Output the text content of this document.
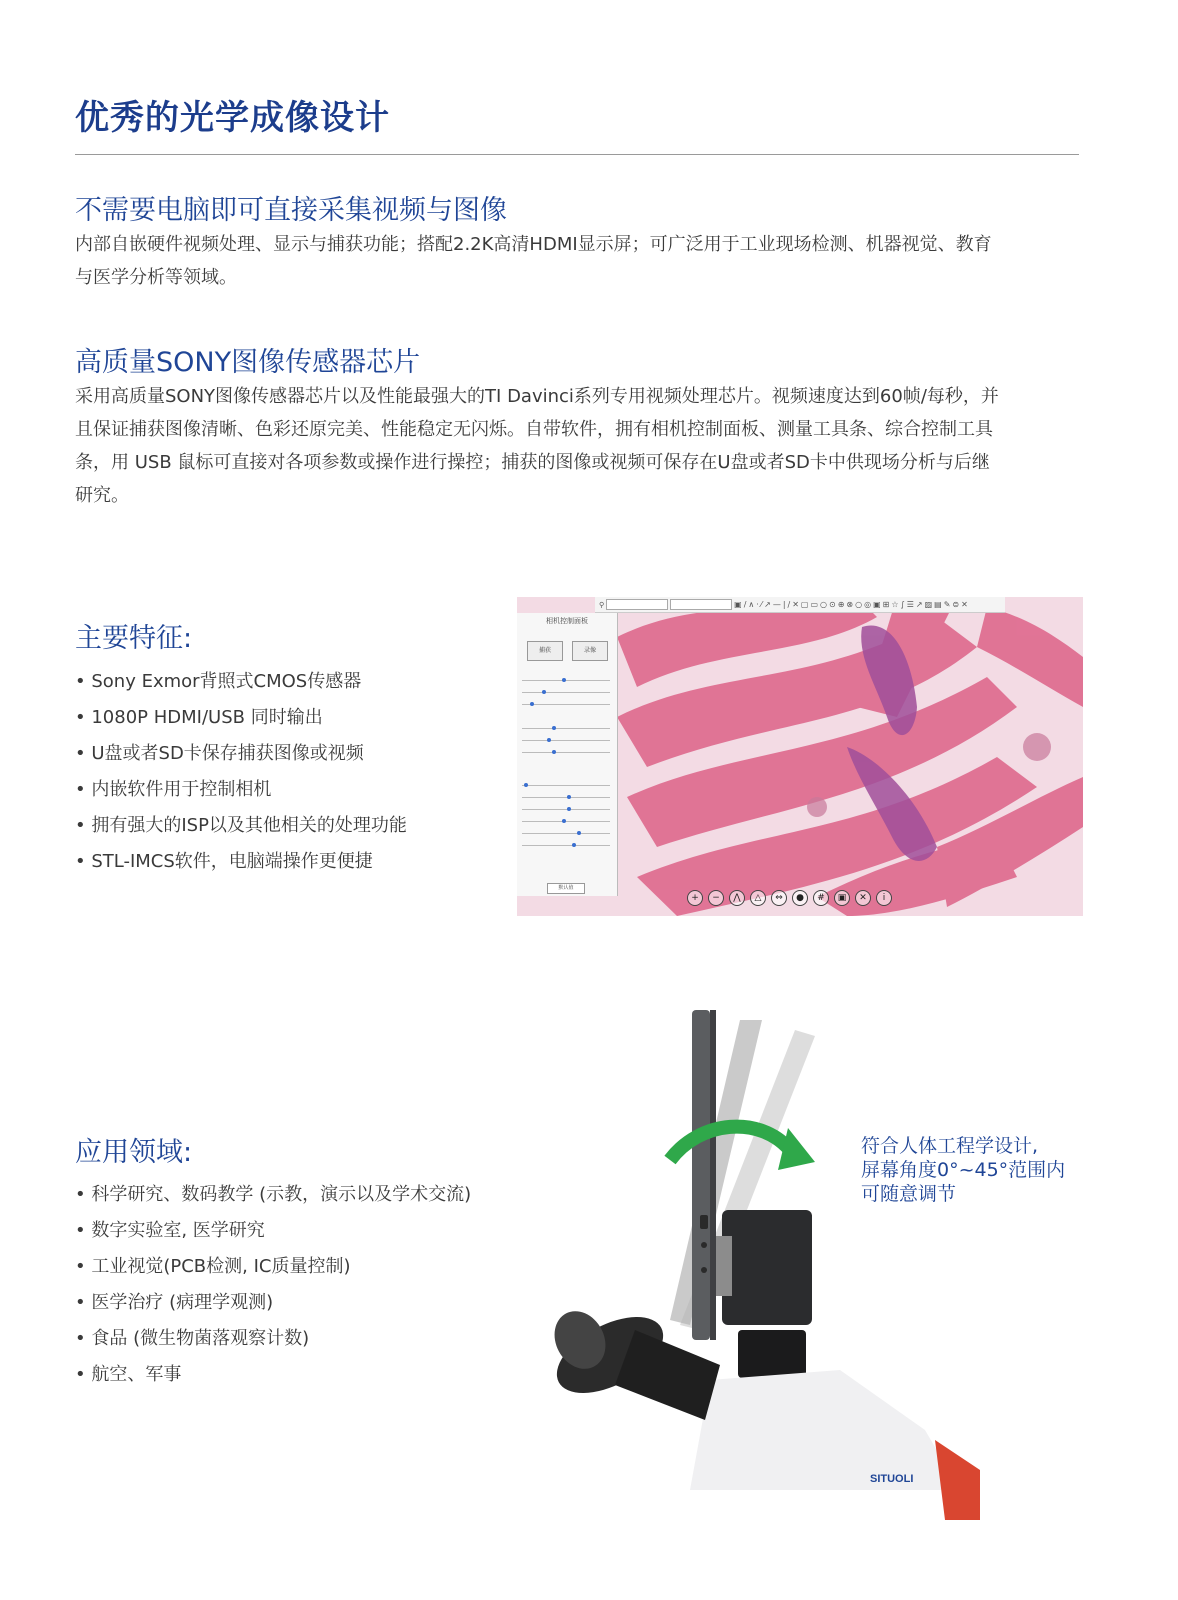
优秀的光学成像设计
不需要电脑即可直接采集视频与图像
内部自嵌硬件视频处理、显示与捕获功能；搭配2.2K高清HDMI显示屏；可广泛用于工业现场检测、机器视觉、教育
与医学分析等领域。
高质量SONY图像传感器芯片
采用高质量SONY图像传感器芯片以及性能最强大的TI Davinci系列专用视频处理芯片。视频速度达到60帧/每秒，并
且保证捕获图像清晰、色彩还原完美、性能稳定无闪烁。自带软件，拥有相机控制面板、测量工具条、综合控制工具
条，用 USB 鼠标可直接对各项参数或操作进行操控；捕获的图像或视频可保存在U盘或者SD卡中供现场分析与后继
研究。
主要特征:
• Sony Exmor背照式CMOS传感器
• 1080P HDMI/USB 同时输出
• U盘或者SD卡保存捕获图像或视频
• 内嵌软件用于控制相机
• 拥有强大的ISP以及其他相关的处理功能
• STL-IMCS软件，电脑端操作更便捷
⚲	▣/∧·⁄↗—|∕✕▢▭○⊙⊕⊗○◎▣⊞☆∫☰↗▨▤✎⊜✕
相机控制面板
捕获	录像
默认值
+	−	⋀	△	⇔	●	#	▣	✕	i
应用领域:
• 科学研究、数码教学 (示教，演示以及学术交流)
• 数字实验室, 医学研究
• 工业视觉(PCB检测, IC质量控制)
• 医学治疗 (病理学观测)
• 食品 (微生物菌落观察计数)
• 航空、军事
SITUOLI
符合人体工程学设计,
屏幕角度0°~45°范围内
可随意调节
